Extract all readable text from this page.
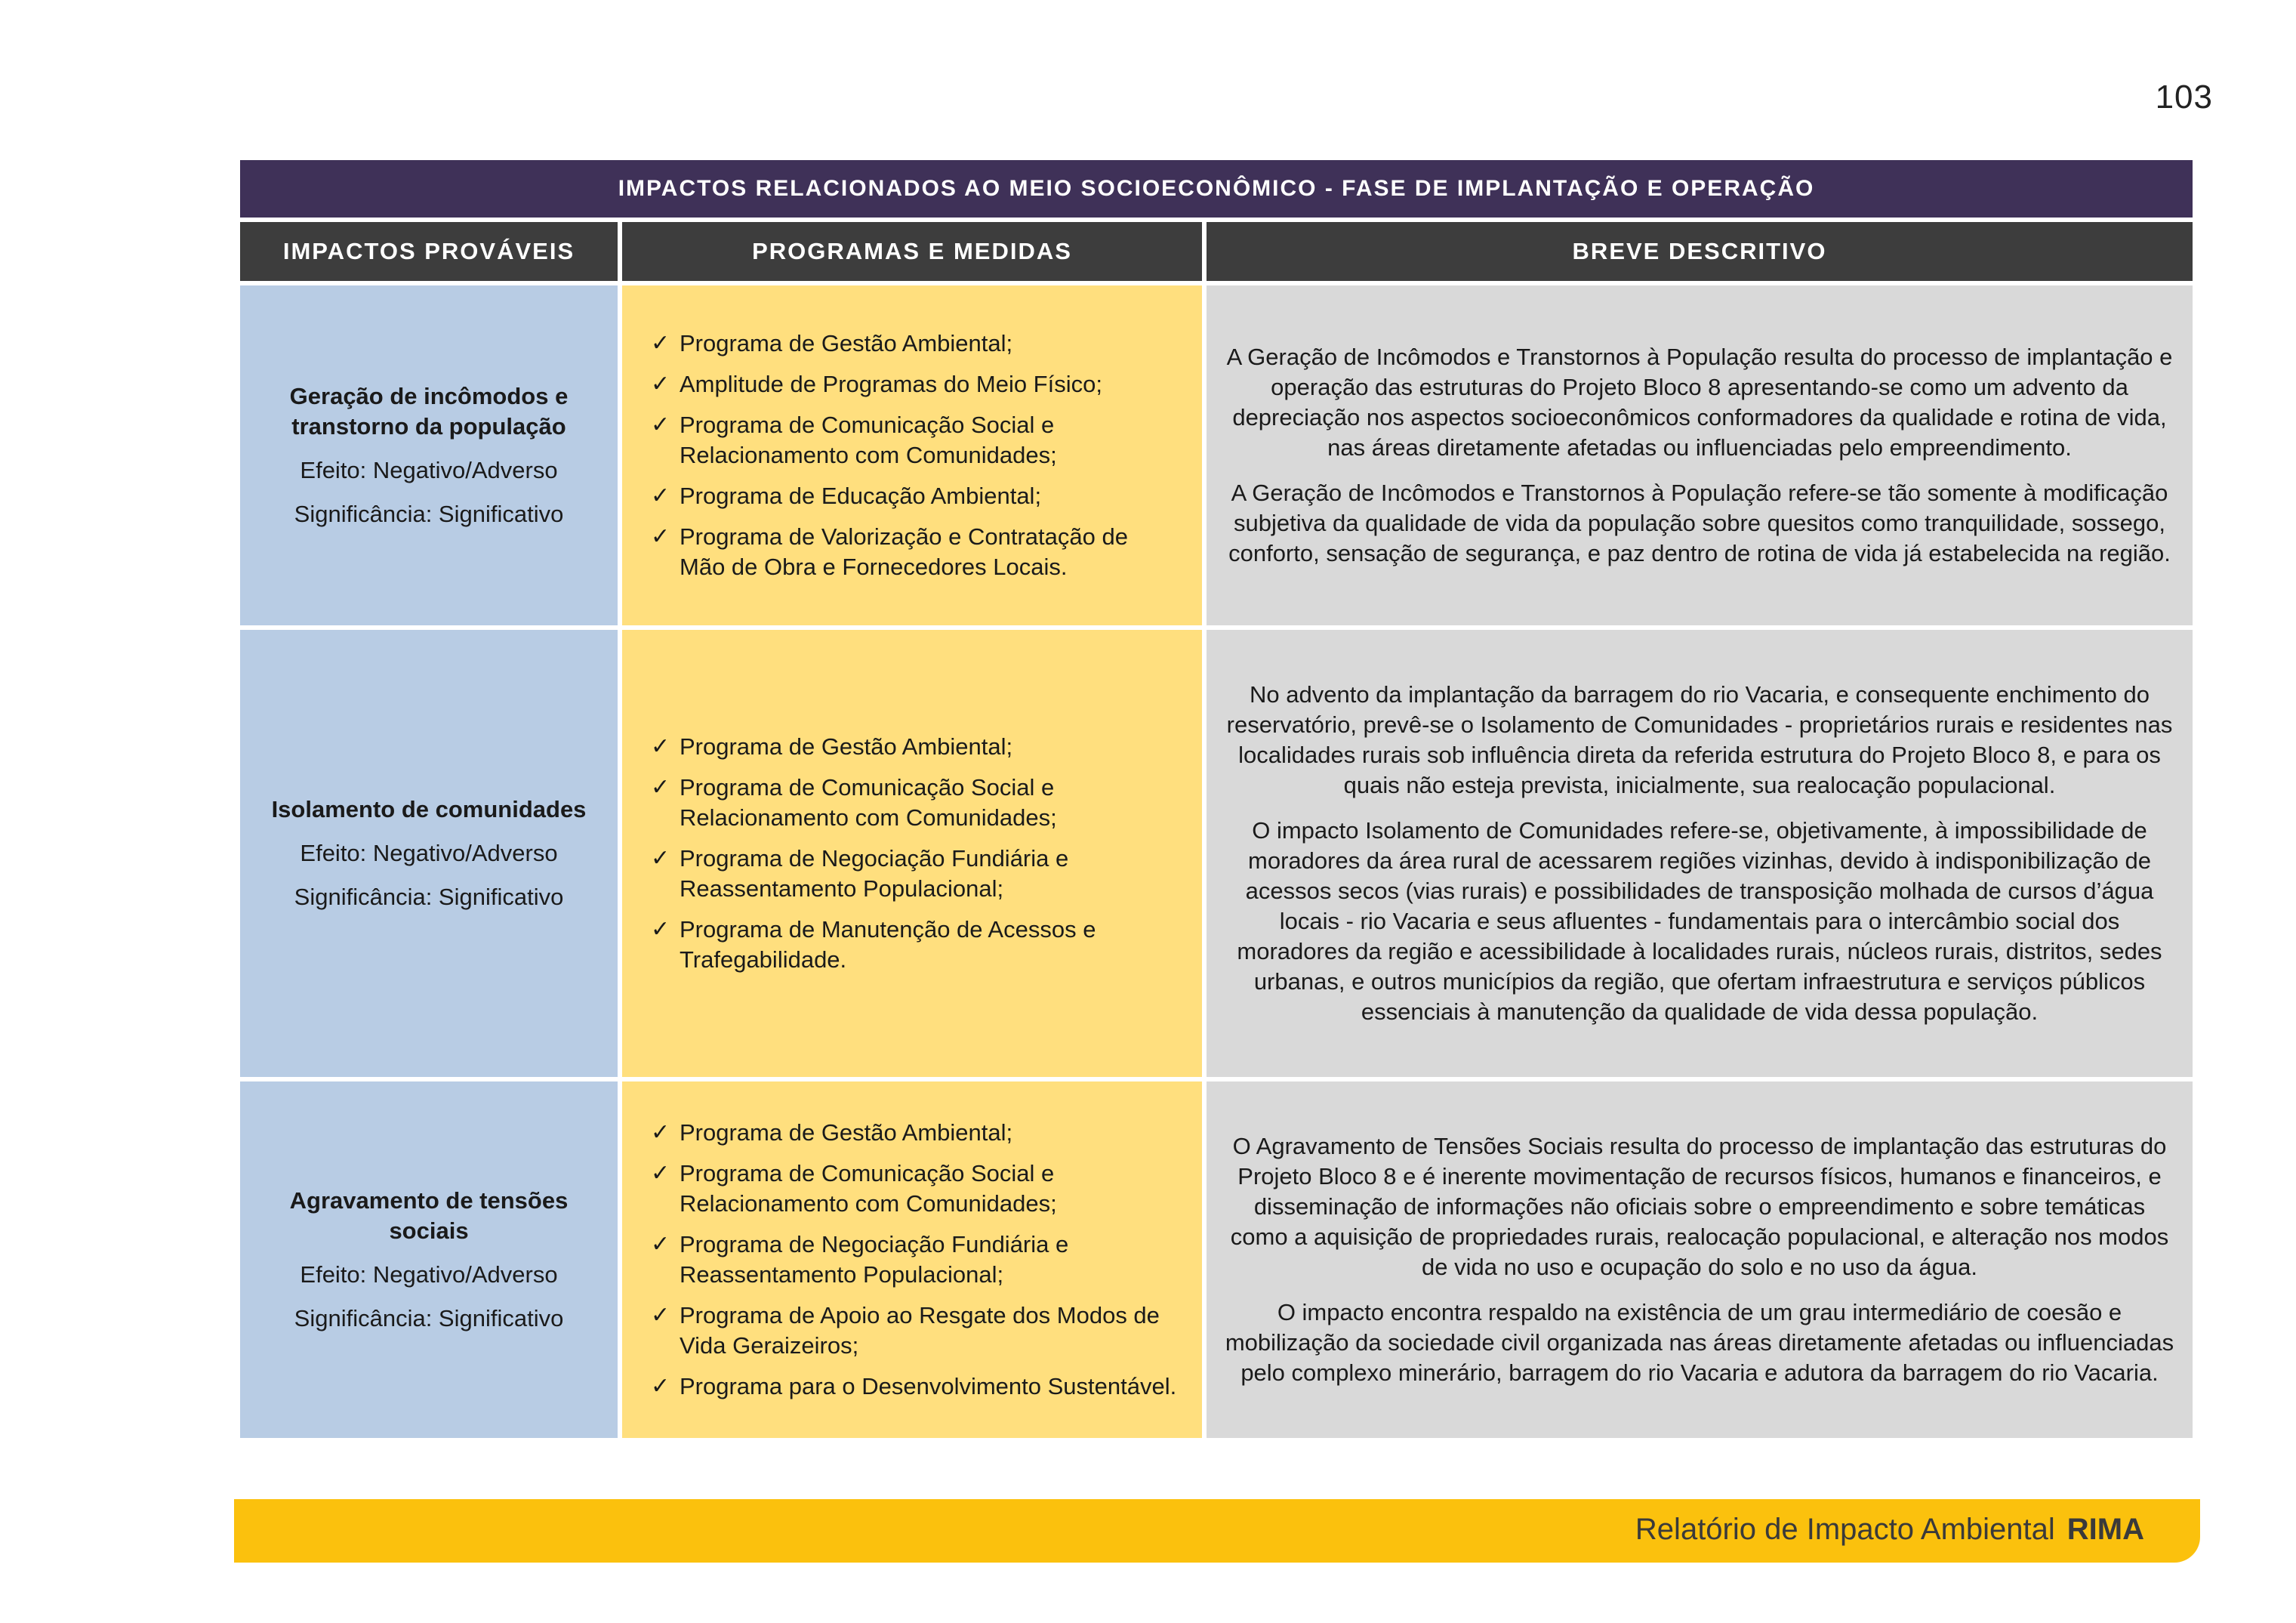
103
IMPACTOS RELACIONADOS AO MEIO SOCIOECONÔMICO - FASE DE IMPLANTAÇÃO E OPERAÇÃO
IMPACTOS PROVÁVEIS	PROGRAMAS E MEDIDAS	BREVE DESCRITIVO
Geração de incômodos e transtorno da população
Efeito: Negativo/Adverso
Significância: Significativo
✓ Programa de Gestão Ambiental;
✓ Amplitude de Programas do Meio Físico;
✓ Programa de Comunicação Social e Relacionamento com Comunidades;
✓ Programa de Educação Ambiental;
✓ Programa de Valorização e Contratação de Mão de Obra e Fornecedores Locais.

A Geração de Incômodos e Transtornos à População resulta do processo de implantação e operação das estruturas do Projeto Bloco 8 apresentando-se como um advento da depreciação nos aspectos socioeconômicos conformadores da qualidade e rotina de vida, nas áreas diretamente afetadas ou influenciadas pelo empreendimento.

A Geração de Incômodos e Transtornos à População refere-se tão somente à modificação subjetiva da qualidade de vida da população sobre quesitos como tranquilidade, sossego, conforto, sensação de segurança, e paz dentro de rotina de vida já estabelecida na região.

Isolamento de comunidades
Efeito: Negativo/Adverso
Significância: Significativo
✓ Programa de Gestão Ambiental;
✓ Programa de Comunicação Social e Relacionamento com Comunidades;
✓ Programa de Negociação Fundiária e Reassentamento Populacional;
✓ Programa de Manutenção de Acessos e Trafegabilidade.

No advento da implantação da barragem do rio Vacaria, e consequente enchimento do reservatório, prevê-se o Isolamento de Comunidades - proprietários rurais e residentes nas localidades rurais sob influência direta da referida estrutura do Projeto Bloco 8, e para os quais não esteja prevista, inicialmente, sua realocação populacional.

O impacto Isolamento de Comunidades refere-se, objetivamente, à impossibilidade de moradores da área rural de acessarem regiões vizinhas, devido à indisponibilização de acessos secos (vias rurais) e possibilidades de transposição molhada de cursos d’água locais - rio Vacaria e seus afluentes - fundamentais para o intercâmbio social dos moradores da região e acessibilidade à localidades rurais, núcleos rurais, distritos, sedes urbanas, e outros municípios da região, que ofertam infraestrutura e serviços públicos essenciais à manutenção da qualidade de vida dessa população.

Agravamento de tensões sociais
Efeito: Negativo/Adverso
Significância: Significativo
✓ Programa de Gestão Ambiental;
✓ Programa de Comunicação Social e Relacionamento com Comunidades;
✓ Programa de Negociação Fundiária e Reassentamento Populacional;
✓ Programa de Apoio ao Resgate dos Modos de Vida Geraizeiros;
✓ Programa para o Desenvolvimento Sustentável.

O Agravamento de Tensões Sociais resulta do processo de implantação das estruturas do Projeto Bloco 8 e é inerente movimentação de recursos físicos, humanos e financeiros, e disseminação de informações não oficiais sobre o empreendimento e sobre temáticas como a aquisição de propriedades rurais, realocação populacional, e alteração nos modos de vida no uso e ocupação do solo e no uso da água.

O impacto encontra respaldo na existência de um grau intermediário de coesão e mobilização da sociedade civil organizada nas áreas diretamente afetadas ou influenciadas pelo complexo minerário, barragem do rio Vacaria e adutora da barragem do rio Vacaria.

Relatório de Impacto Ambiental RIMA
